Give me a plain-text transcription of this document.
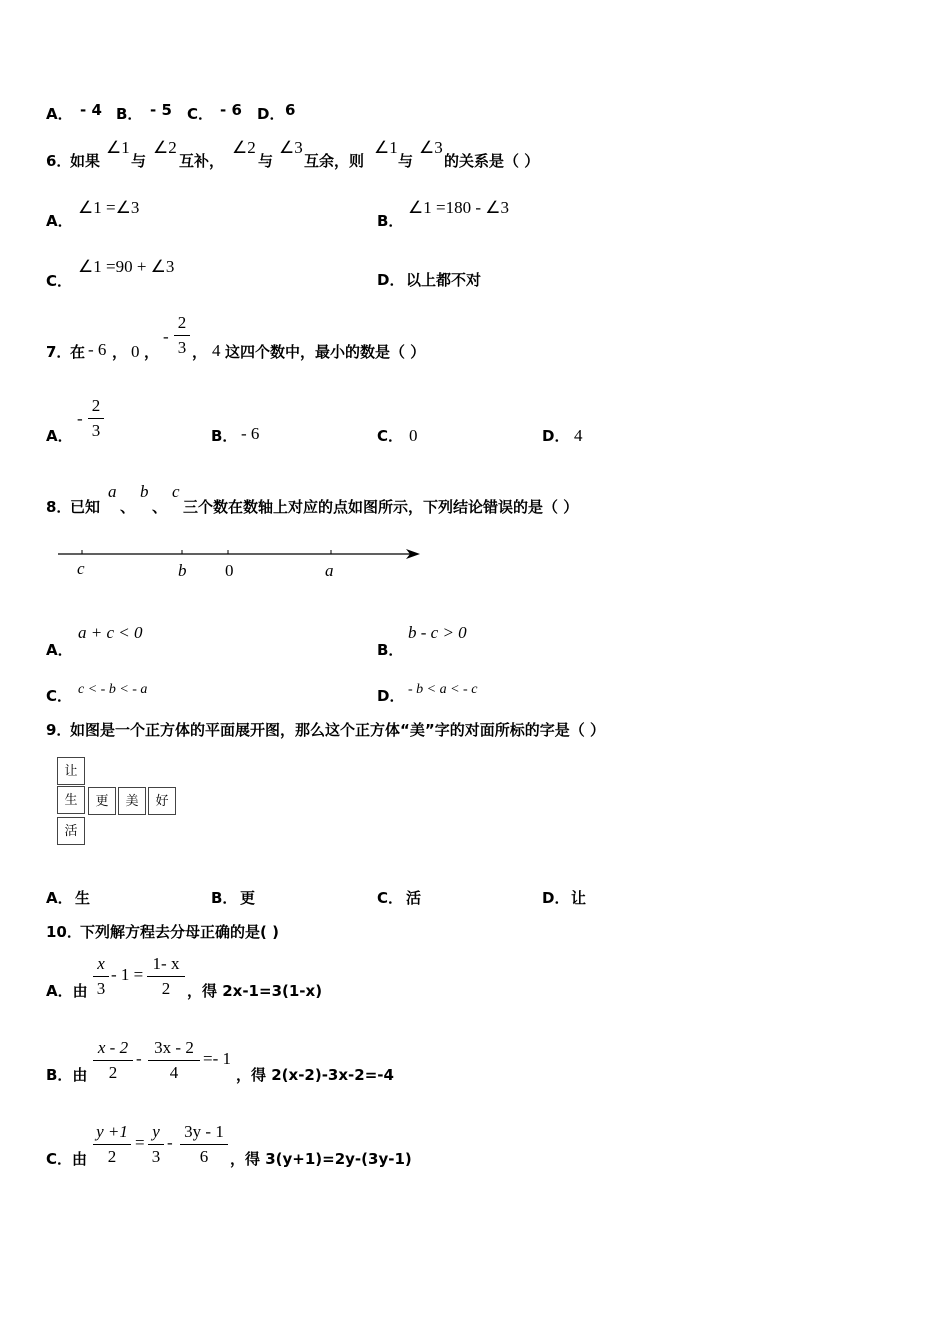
A． - 4 B． - 5 C． - 6 D． 6
6．
如果
∠1
与
∠2
互补，
∠2
与
∠3
互余，则
∠1
与
∠3
的关系是（ ）
A．
∠1 =∠3
B．
∠1 =180 - ∠3
C．
∠1 =90 + ∠3
D． 以上都不对
7．
在 - 6 ， 0 ，
-
2
3 ， 4 这四个数中，最小的数是（ ）
A．
-
2
3	B． - 6	C． 0	D． 4
8．
已知
a
、
b
、
c
三个数在数轴上对应的点如图所示，下列结论错误的是（ ）
c	b 0	a
A．
a + c < 0
B．
b - c > 0
C． c < - b < - a	D． - b < a < - c
9．
如图是一个正方体的平面展开图，那么这个正方体“美”字的对面所标的字是（ ）
让
生	更	美	好
活
A． 生	B． 更	C． 活	D． 让
10．
下列解方程去分母正确的是( )
A．由
x
3
- 1 =
1- x
2	，得 2x-1=3(1-x)
B．由
x - 2
2
-
3x - 2
4
=- 1
，得 2(x-2)-3x-2=-4
C．由
y +1
2
=
y
3
-
3y - 1
6	，得 3(y+1)=2y-(3y-1)
